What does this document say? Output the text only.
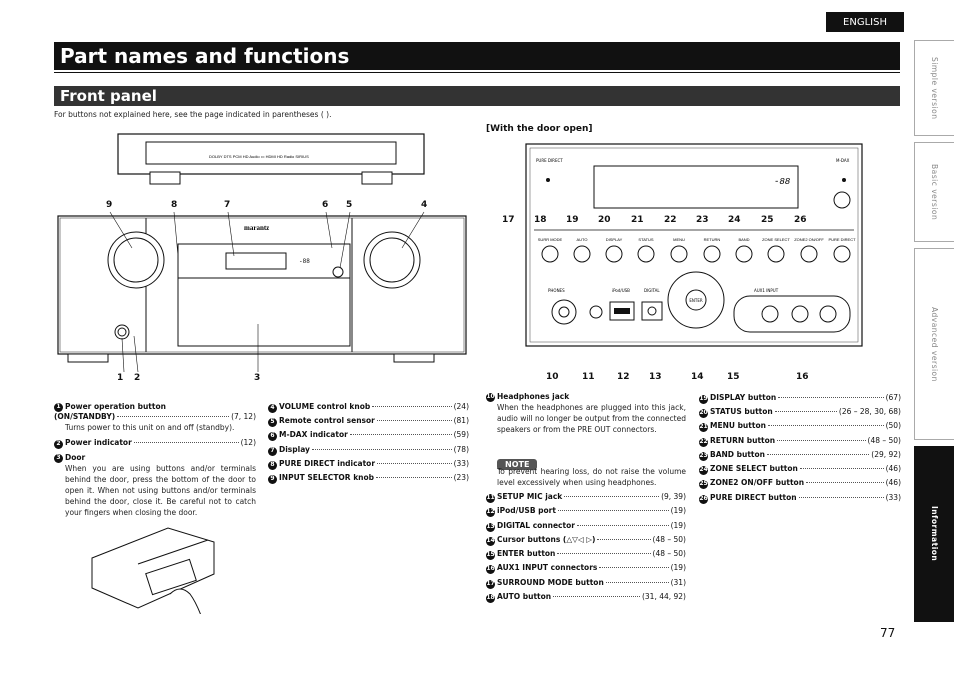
ENGLISH
Part names and functions
Front panel
For buttons not explained here, see the page indicated in parentheses ( ).	Simple version
Basic version
Advanced version
Information
77
DOLBY DTS PCM HD Audio ▭ HDMI HD Radio SIRIUS
-88
marantz
9	8	7	6 5	4
1 2	3
[With the door open]
-88
PURE DIRECT	M-DAX
SURR MODE	AUTO	DISPLAY	STATUS	MENU	RETURN	BAND	ZONE SELECT ZONE2 ON/OFF PURE DIRECT
ENTER
AUX1 INPUT
PHONES	iPod/USB	DIGITAL
17 18 19 20 21 22 23 24 25 26
10	11 12 13	14	15	16
1 Power operation button
(ON/STANDBY)	(7, 12)
Turns power to this unit on and off (standby).
2 Power indicator	(12)
3 Door
When you are using buttons and/or terminals behind the door, press the bottom of the door to open it. When not using buttons and/or terminals behind the door, close it. Be careful not to catch your fingers when closing the door.
4 VOLUME control knob	(24)
5 Remote control sensor	(81)
6 M-DAX indicator	(59)
7 Display	(78)
8 PURE DIRECT indicator	(33)
9 INPUT SELECTOR knob	(23)
10 Headphones jack
When the headphones are plugged into this jack, audio will no longer be output from the connected speakers or from the PRE OUT connectors.
NOTE
To prevent hearing loss, do not raise the volume level excessively when using headphones.
11 SETUP MIC jack	(9, 39)
12 iPod/USB port	(19)
13 DIGITAL connector	(19)
14 Cursor buttons (△▽◁ ▷)	(48 – 50)
15 ENTER button	(48 – 50)
16 AUX1 INPUT connectors	(19)
17 SURROUND MODE button	(31)
18 AUTO button	(31, 44, 92)
19 DISPLAY button	(67)
20 STATUS button	(26 – 28, 30, 68)
21 MENU button	(50)
22 RETURN button	(48 – 50)
23 BAND button	(29, 92)
24 ZONE SELECT button	(46)
25 ZONE2 ON/OFF button	(46)
26 PURE DIRECT button	(33)
